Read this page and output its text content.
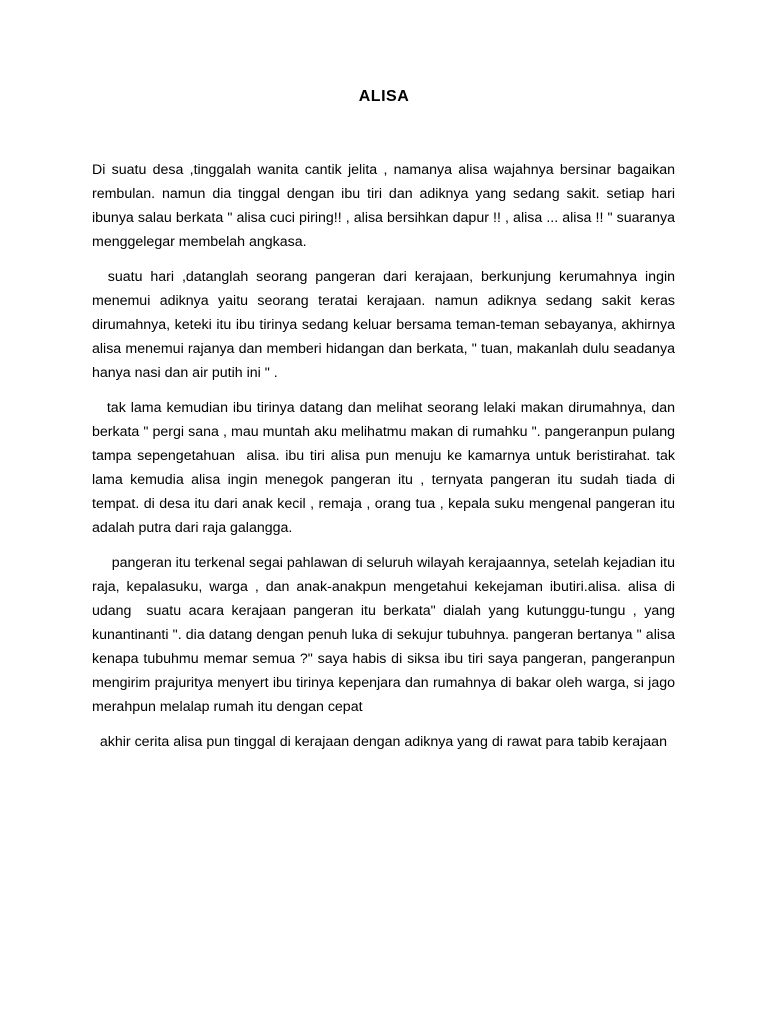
ALISA

Di suatu desa ,tinggalah wanita cantik jelita , namanya alisa wajahnya bersinar bagaikan rembulan. namun dia tinggal dengan ibu tiri dan adiknya yang sedang sakit. setiap hari ibunya salau berkata " alisa cuci piring!! , alisa bersihkan dapur !! , alisa ... alisa !! " suaranya menggelegar membelah angkasa.

suatu hari ,datanglah seorang pangeran dari kerajaan, berkunjung kerumahnya ingin menemui adiknya yaitu seorang teratai kerajaan. namun adiknya sedang sakit keras dirumahnya, keteki itu ibu tirinya sedang keluar bersama teman-teman sebayanya, akhirnya alisa menemui rajanya dan memberi hidangan dan berkata, " tuan, makanlah dulu seadanya hanya nasi dan air putih ini " .

tak lama kemudian ibu tirinya datang dan melihat seorang lelaki makan dirumahnya, dan berkata " pergi sana , mau muntah aku melihatmu makan di rumahku ". pangeranpun pulang tampa sepengetahuan  alisa. ibu tiri alisa pun menuju ke kamarnya untuk beristirahat. tak lama kemudia alisa ingin menegok pangeran itu , ternyata pangeran itu sudah tiada di tempat. di desa itu dari anak kecil , remaja , orang tua , kepala suku mengenal pangeran itu adalah putra dari raja galangga.

pangeran itu terkenal segai pahlawan di seluruh wilayah kerajaannya, setelah kejadian itu raja, kepalasuku, warga , dan anak-anakpun mengetahui kekejaman ibutiri.alisa. alisa di udang  suatu acara kerajaan pangeran itu berkata" dialah yang kutunggu-tungu , yang kunantinanti ". dia datang dengan penuh luka di sekujur tubuhnya. pangeran bertanya " alisa kenapa tubuhmu memar semua ?" saya habis di siksa ibu tiri saya pangeran, pangeranpun mengirim prajuritya menyert ibu tirinya kepenjara dan rumahnya di bakar oleh warga, si jago merahpun melalap rumah itu dengan cepat

akhir cerita alisa pun tinggal di kerajaan dengan adiknya yang di rawat para tabib kerajaan
